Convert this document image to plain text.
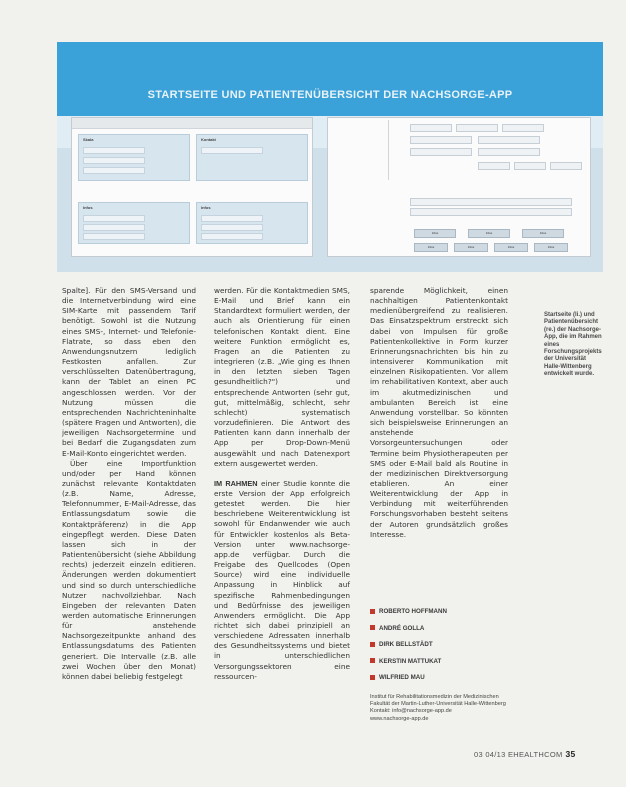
STARTSEITE UND PATIENTENÜBERSICHT DER NACHSORGE-APP
Skala	Kontakt
Infos	Infos
Infos	Infos	Infos
Infos	Infos	Infos	Infos

Spalte]. Für den SMS-Versand und die Internetverbindung wird eine SIM-Karte mit passendem Tarif benötigt. Sowohl ist die Nutzung eines SMS-, Internet- und Telefonie-Flatrate, so dass eben den Anwendungsnutzern lediglich Festkosten anfallen. Zur verschlüsselten Datenübertragung, kann der Tablet an einen PC angeschlossen werden. Vor der Nutzung müssen die entsprechenden Nachrichteninhalte (spätere Fragen und Antworten), die jeweiligen Nachsorgetermine und bei Bedarf die Zugangsdaten zum E-Mail-Konto eingerichtet werden.

Über eine Importfunktion und/oder per Hand können zunächst relevante Kontaktdaten (z.B. Name, Adresse, Telefonnummer, E-Mail-Adresse, das Entlassungsdatum sowie die Kontaktpräferenz) in die App eingepflegt werden. Diese Daten lassen sich in der Patientenübersicht (siehe Abbildung rechts) jederzeit einzeln editieren. Änderungen werden dokumentiert und sind so durch unterschiedliche Nutzer nachvollziehbar. Nach Eingeben der relevanten Daten werden automatische Erinnerungen für anstehende Nachsorgezeitpunkte anhand des Entlassungsdatums des Patienten generiert. Die Intervalle (z.B. alle zwei Wochen über den Monat) können dabei beliebig festgelegt

werden. Für die Kontaktmedien SMS, E-Mail und Brief kann ein Standardtext formuliert werden, der auch als Orientierung für einen telefonischen Kontakt dient. Eine weitere Funktion ermöglicht es, Fragen an die Patienten zu integrieren (z.B. „Wie ging es Ihnen in den letzten sieben Tagen gesundheitlich?") und entsprechende Antworten (sehr gut, gut, mittelmäßig, schlecht, sehr schlecht) systematisch vorzudefinieren. Die Antwort des Patienten kann dann innerhalb der App per Drop-Down-Menü ausgewählt und nach Datenexport extern ausgewertet werden.

IM RAHMEN einer Studie konnte die erste Version der App erfolgreich getestet werden. Die hier beschriebene Weiterentwicklung ist sowohl für Endanwender wie auch für Entwickler kostenlos als Beta-Version unter www.nachsorge-app.de verfügbar. Durch die Freigabe des Quellcodes (Open Source) wird eine individuelle Anpassung in Hinblick auf spezifische Rahmenbedingungen und Bedürfnisse des jeweiligen Anwenders ermöglicht. Die App richtet sich dabei prinzipiell an verschiedene Adressaten innerhalb des Gesundheitssystems und bietet in unterschiedlichen Versorgungssektoren eine ressourcen-

sparende Möglichkeit, einen nachhaltigen Patientenkontakt medienübergreifend zu realisieren. Das Einsatzspektrum erstreckt sich dabei von Impulsen für große Patientenkollektive in Form kurzer Erinnerungsnachrichten bis hin zu intensiverer Kommunikation mit einzelnen Risikopatienten. Vor allem im rehabilitativen Kontext, aber auch im akutmedizinischen und ambulanten Bereich ist eine Anwendung vorstellbar. So könnten sich beispielsweise Erinnerungen an anstehende Vorsorgeuntersuchungen oder Termine beim Physiotherapeuten per SMS oder E-Mail bald als Routine in der medizinischen Direktversorgung etablieren. An einer Weiterentwicklung der App in Verbindung mit weiterführenden Forschungsvorhaben besteht seitens der Autoren grundsätzlich großes Interesse.

Startseite (li.) und Patientenübersicht (re.) der Nachsorge-App, die im Rahmen eines Forschungsprojekts der Universität Halle-Wittenberg entwickelt wurde.
ROBERTO HOFFMANN
ANDRÉ GOLLA
DIRK BELLSTÄDT
KERSTIN MATTUKAT
WILFRIED MAU
Institut für Rehabilitationsmedizin der Medizinischen Fakultät der Martin-Luther-Universität Halle-Wittenberg
Kontakt: info@nachsorge-app.de
www.nachsorge-app.de
03 04/13 EHEALTHCOM 35
